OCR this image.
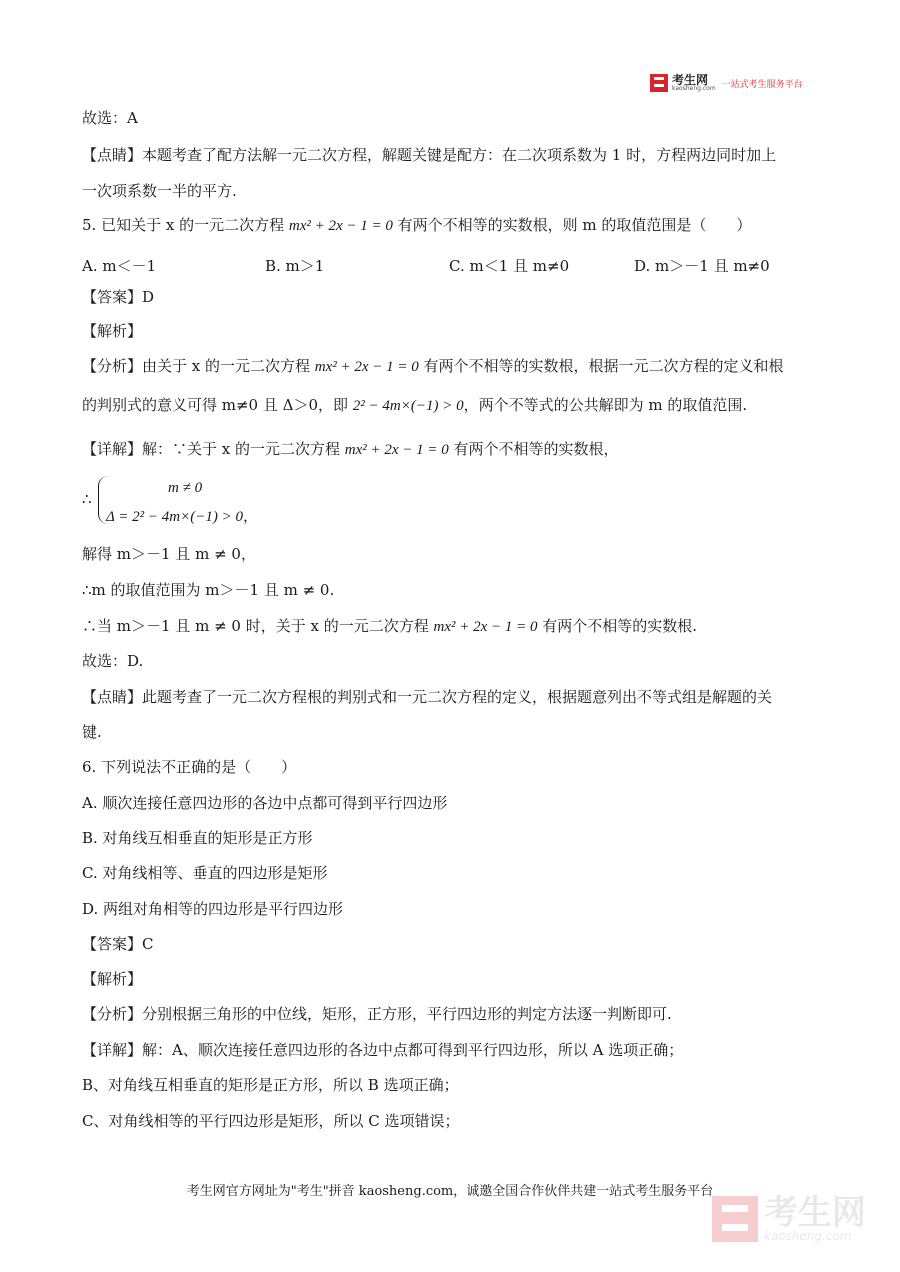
考生网
kaosheng.com 一站式考生服务平台
故选：A
【点睛】本题考查了配方法解一元二次方程，解题关键是配方：在二次项系数为 1 时，方程两边同时加上
一次项系数一半的平方.
5. 已知关于 x 的一元二次方程 mx² + 2x − 1 = 0 有两个不相等的实数根，则 m 的取值范围是（　　）
A. m＜－1	B. m＞1	C. m＜1 且 m≠0	D. m＞－1 且 m≠0
【答案】D
【解析】
【分析】由关于 x 的一元二次方程 mx² + 2x − 1 = 0 有两个不相等的实数根，根据一元二次方程的定义和根
的判别式的意义可得 m≠0 且 Δ＞0，即 2² − 4m×(−1) > 0，两个不等式的公共解即为 m 的取值范围.
【详解】解：∵关于 x 的一元二次方程 mx² + 2x − 1 = 0 有两个不相等的实数根，
∴
m ≠ 0
Δ = 2² − 4m×(−1) > 0，
解得 m＞－1 且 m ≠ 0，
∴m 的取值范围为 m＞－1 且 m ≠ 0.
∴当 m＞－1 且 m ≠ 0 时，关于 x 的一元二次方程 mx² + 2x − 1 = 0 有两个不相等的实数根.
故选：D.
【点睛】此题考查了一元二次方程根的判别式和一元二次方程的定义，根据题意列出不等式组是解题的关
键.
6. 下列说法不正确的是（　　）
A. 顺次连接任意四边形的各边中点都可得到平行四边形
B. 对角线互相垂直的矩形是正方形
C. 对角线相等、垂直的四边形是矩形
D. 两组对角相等的四边形是平行四边形
【答案】C
【解析】
【分析】分别根据三角形的中位线，矩形，正方形，平行四边形的判定方法逐一判断即可.
【详解】解：A、顺次连接任意四边形的各边中点都可得到平行四边形，所以 A 选项正确；
B、对角线互相垂直的矩形是正方形，所以 B 选项正确；
C、对角线相等的平行四边形是矩形，所以 C 选项错误；
考生网官方网址为"考生"拼音 kaosheng.com，诚邀全国合作伙伴共建一站式考生服务平台
考生网
kaosheng.com
